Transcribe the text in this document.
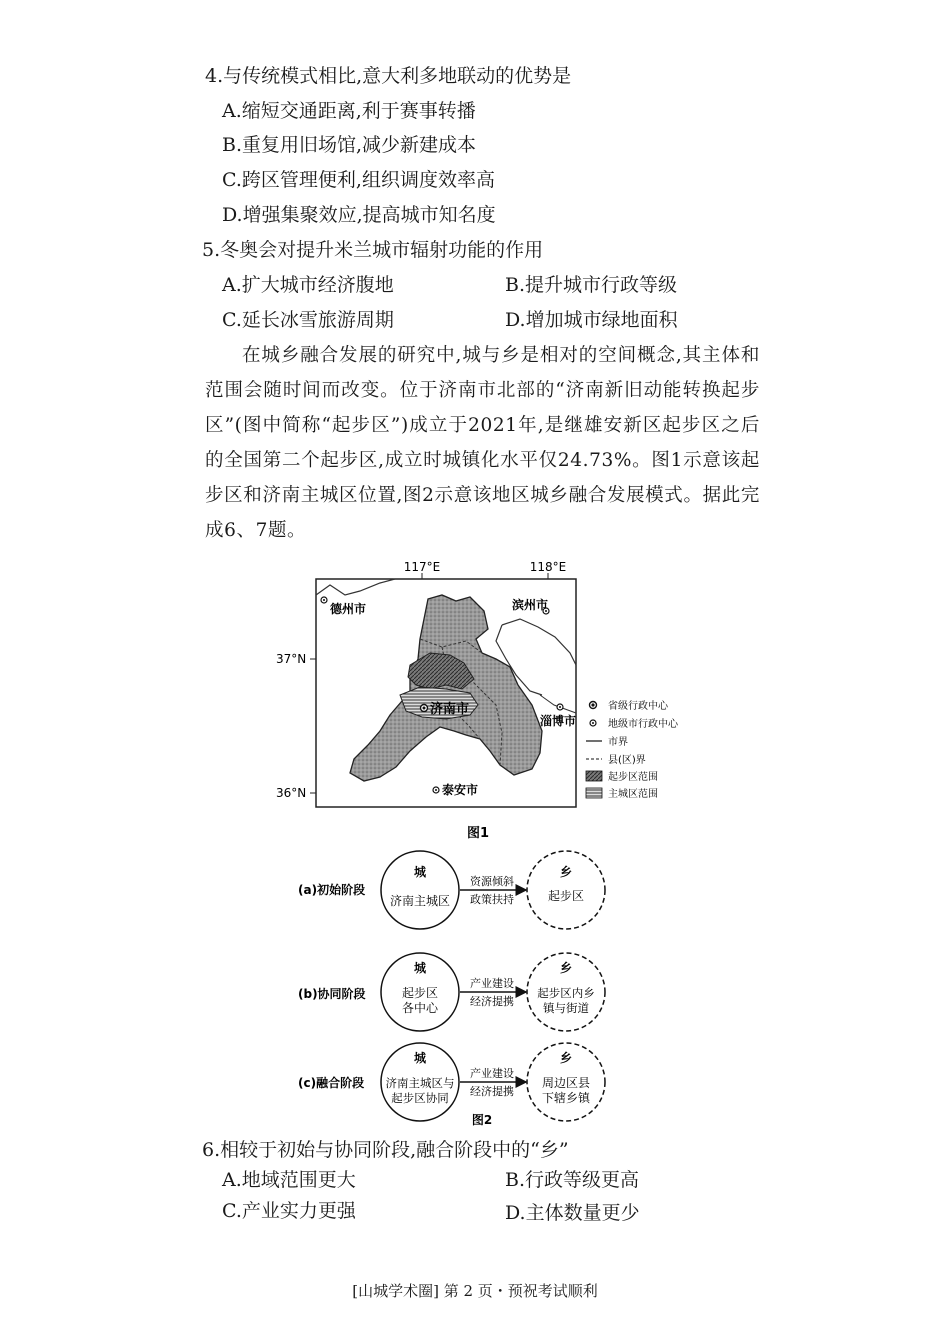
4.与传统模式相比,意大利多地联动的优势是
A.缩短交通距离,利于赛事转播
B.重复用旧场馆,减少新建成本
C.跨区管理便利,组织调度效率高
D.增强集聚效应,提高城市知名度
5.冬奥会对提升米兰城市辐射功能的作用
A.扩大城市经济腹地	B.提升城市行政等级
C.延长冰雪旅游周期	D.增加城市绿地面积

在城乡融合发展的研究中,城与乡是相对的空间概念,其主体和范围会随时间而改变。位于济南市北部的“济南新旧动能转换起步区”(图中简称“起步区”)成立于2021年,是继雄安新区起步区之后的全国第二个起步区,成立时城镇化水平仅24.73%。图1示意该起步区和济南主城区位置,图2示意该地区城乡融合发展模式。据此完成6、7题。

117°E	118°E
37°N
36°N
德州市	滨州市
济南市
淄博市
泰安市
省级行政中心
地级市行政中心
市界
县(区)界
起步区范围
主城区范围
图1
(a)初始阶段
城
济南主城区
资源倾斜
政策扶持
乡
起步区
(b)协同阶段
城
起步区
各中心
产业建设
经济提携
乡
起步区内乡
镇与街道
(c)融合阶段
城
济南主城区与
起步区协同
产业建设
经济提携
乡
周边区县
下辖乡镇
图2
6.相较于初始与协同阶段,融合阶段中的“乡”
A.地域范围更大	B.行政等级更高
C.产业实力更强	D.主体数量更少
[山城学术圈] 第 2 页・预祝考试顺利
